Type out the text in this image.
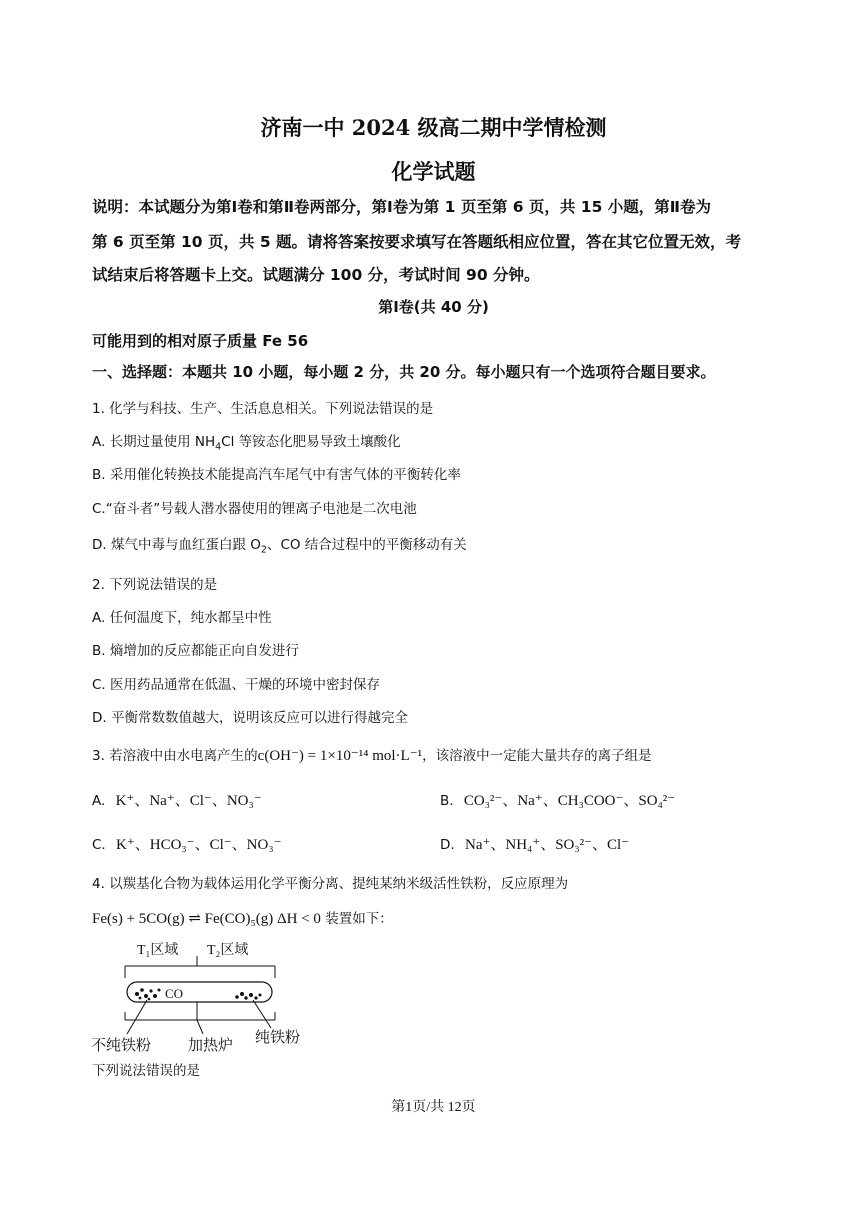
济南一中 2024 级高二期中学情检测
化学试题
说明：本试题分为第Ⅰ卷和第Ⅱ卷两部分，第Ⅰ卷为第 1 页至第 6 页，共 15 小题，第Ⅱ卷为
第 6 页至第 10 页，共 5 题。请将答案按要求填写在答题纸相应位置，答在其它位置无效，考
试结束后将答题卡上交。试题满分 100 分，考试时间 90 分钟。
第Ⅰ卷(共 40 分)
可能用到的相对原子质量 Fe 56
一、选择题：本题共 10 小题，每小题 2 分，共 20 分。每小题只有一个选项符合题目要求。
1. 化学与科技、生产、生活息息相关。下列说法错误的是
A. 长期过量使用 $NH_4Cl$ 等铵态化肥易导致土壤酸化
B. 采用催化转换技术能提高汽车尾气中有害气体的平衡转化率
C.“奋斗者”号载人潜水器使用的锂离子电池是二次电池
D. 煤气中毒与血红蛋白跟 $O_2$、CO 结合过程中的平衡移动有关
2. 下列说法错误的是
A. 任何温度下，纯水都呈中性
B. 熵增加的反应都能正向自发进行
C. 医用药品通常在低温、干燥的环境中密封保存
D. 平衡常数数值越大，说明该反应可以进行得越完全
3. 若溶液中由水电离产生的c(OH⁻) = 1×10⁻¹⁴ mol·L⁻¹，该溶液中一定能大量共存的离子组是
A. K⁺、Na⁺、Cl⁻、NO₃⁻	B. CO₃²⁻、Na⁺、CH₃COO⁻、SO₄²⁻
C. K⁺、HCO₃⁻、Cl⁻、NO₃⁻	D. Na⁺、NH₄⁺、SO₃²⁻、Cl⁻
4. 以羰基化合物为载体运用化学平衡分离、提纯某纳米级活性铁粉，反应原理为
Fe(s) + 5CO(g) ⇌ Fe(CO)₅(g) ΔH < 0 装置如下：
T₁区域 T₂区域
CO
不纯铁粉 加热炉 纯铁粉
下列说法错误的是
第1页/共 12页
